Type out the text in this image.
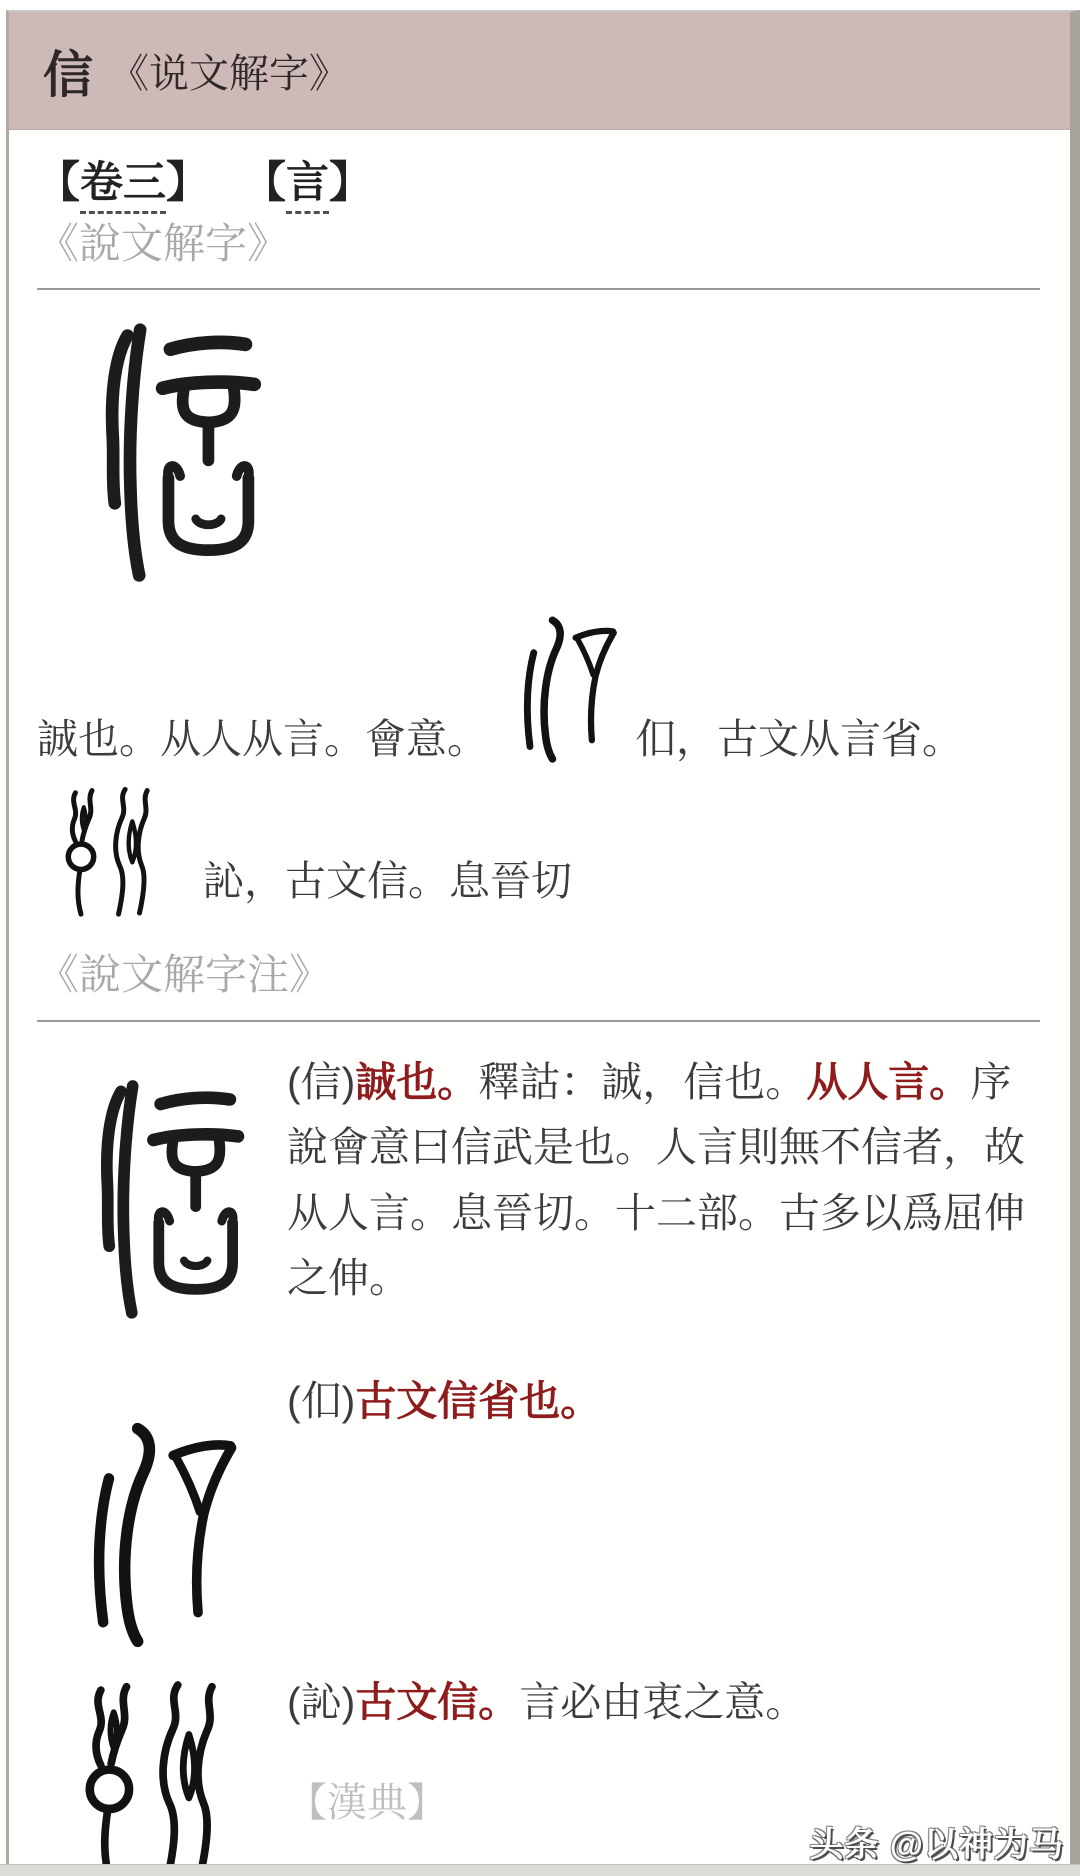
信 《说文解字》
【卷三】 【言】
《說文解字》
誠也。从人从言。會意。	㐰，古文从言省。
訫，古文信。息晉切
《說文解字注》
(信)誠也。釋詁：誠，信也。从人言。序說會意曰信武是也。人言則無不信者，故从人言。息晉切。十二部。古多以爲屈伸之伸。
(㐰)古文信省也。
(訫)古文信。言必由衷之意。
【漢典】
头条 @以神为马
